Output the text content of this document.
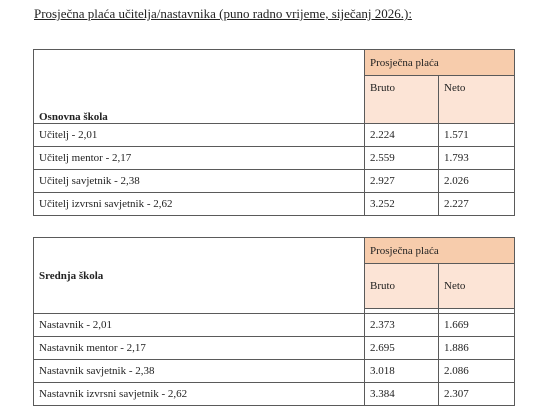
Prosječna plaća učitelja/nastavnika (puno radno vrijeme, siječanj 2026.):
Osnovna škola	Prosječna plaća	
	Bruto	Neto
Učitelj - 2,01	2.224	1.571
Učitelj mentor - 2,17	2.559	1.793
Učitelj savjetnik - 2,38	2.927	2.026
Učitelj izvrsni savjetnik - 2,62	3.252	2.227
Srednja škola	Prosječna plaća	
	Bruto	Neto

Nastavnik - 2,01	2.373	1.669
Nastavnik mentor - 2,17	2.695	1.886
Nastavnik savjetnik - 2,38	3.018	2.086
Nastavnik izvrsni savjetnik - 2,62	3.384	2.307
